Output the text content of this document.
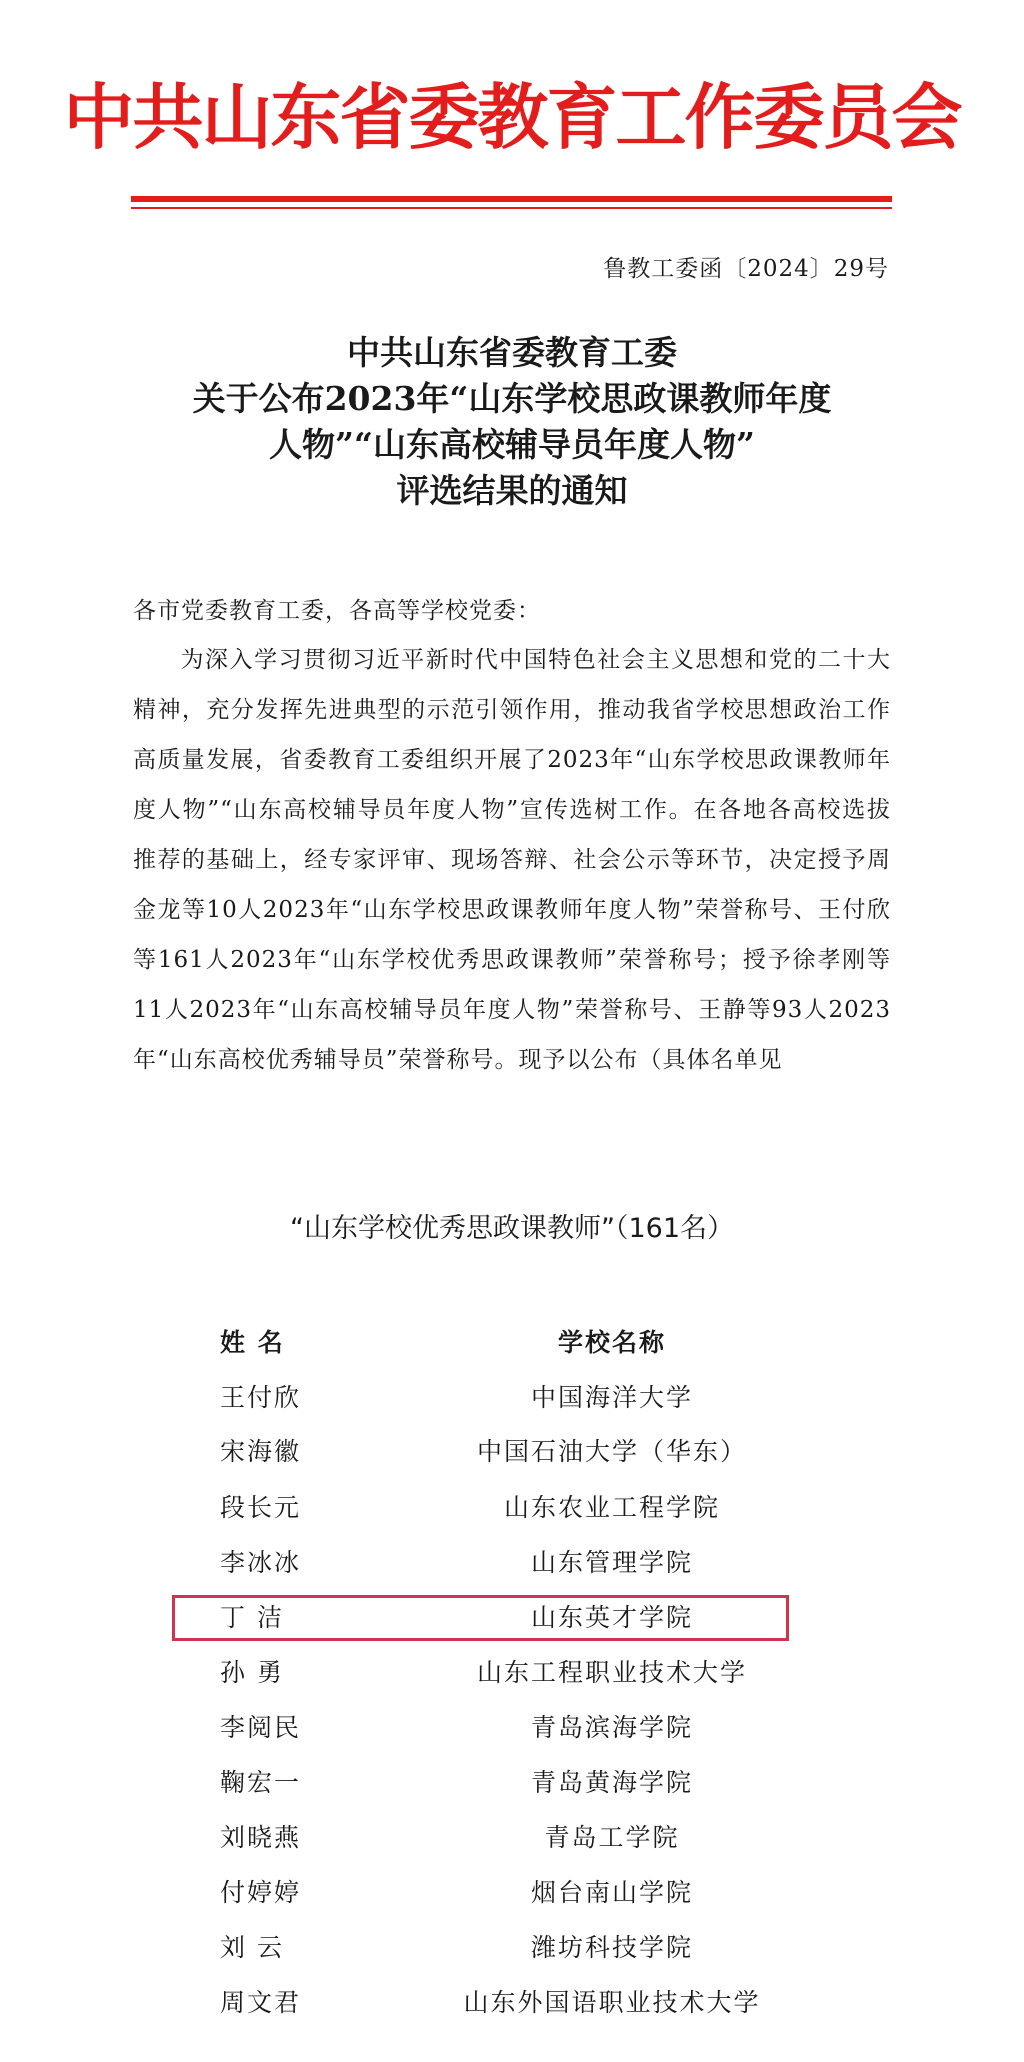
中共山东省委教育工作委员会
鲁教工委函〔2024〕29号
中共山东省委教育工委
关于公布2023年“山东学校思政课教师年度
人物”“山东高校辅导员年度人物”
评选结果的通知
各市党委教育工委，各高等学校党委：

为深入学习贯彻习近平新时代中国特色社会主义思想和党的二十大精神，充分发挥先进典型的示范引领作用，推动我省学校思想政治工作高质量发展，省委教育工委组织开展了2023年“山东学校思政课教师年度人物”“山东高校辅导员年度人物”宣传选树工作。在各地各高校选拔推荐的基础上，经专家评审、现场答辩、社会公示等环节，决定授予周金龙等10人2023年“山东学校思政课教师年度人物”荣誉称号、王付欣等161人2023年“山东学校优秀思政课教师”荣誉称号；授予徐孝刚等11人2023年“山东高校辅导员年度人物”荣誉称号、王静等93人2023年“山东高校优秀辅导员”荣誉称号。现予以公布（具体名单见

“山东学校优秀思政课教师”（161名）
姓 名	学校名称
王付欣	中国海洋大学
宋海徽	中国石油大学（华东）
段长元	山东农业工程学院
李冰冰	山东管理学院
丁 洁	山东英才学院
孙 勇	山东工程职业技术大学
李阅民	青岛滨海学院
鞠宏一	青岛黄海学院
刘晓燕	青岛工学院
付婷婷	烟台南山学院
刘 云	潍坊科技学院
周文君	山东外国语职业技术大学
